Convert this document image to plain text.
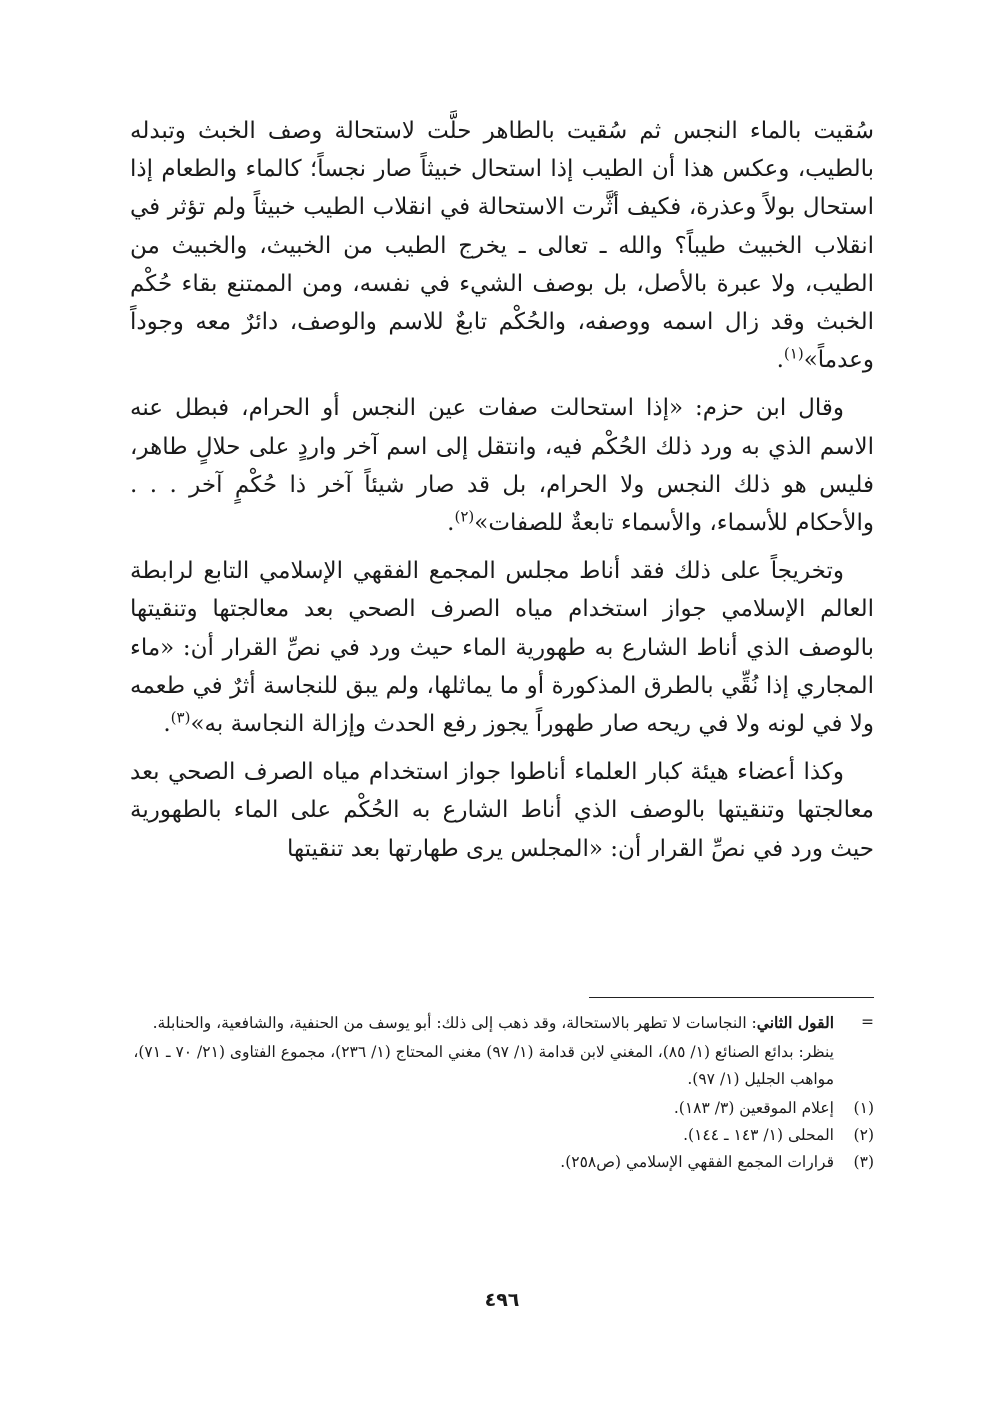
سُقيت بالماء النجس ثم سُقيت بالطاهر حلَّت لاستحالة وصف الخبث وتبدله بالطيب، وعكس هذا أن الطيب إذا استحال خبيثاً صار نجساً؛ كالماء والطعام إذا استحال بولاً وعذرة، فكيف أثَّرت الاستحالة في انقلاب الطيب خبيثاً ولم تؤثر في انقلاب الخبيث طيباً؟ والله ـ تعالى ـ يخرج الطيب من الخبيث، والخبيث من الطيب، ولا عبرة بالأصل، بل بوصف الشيء في نفسه، ومن الممتنع بقاء حُكْم الخبث وقد زال اسمه ووصفه، والحُكْم تابعٌ للاسم والوصف، دائرٌ معه وجوداً وعدماً»$^{(١)}$.

وقال ابن حزم: «إذا استحالت صفات عين النجس أو الحرام، فبطل عنه الاسم الذي به ورد ذلك الحُكْم فيه، وانتقل إلى اسم آخر واردٍ على حلالٍ طاهر، فليس هو ذلك النجس ولا الحرام، بل قد صار شيئاً آخر ذا حُكْمٍ آخر . . . والأحكام للأسماء، والأسماء تابعةٌ للصفات»$^{(٢)}$.

وتخريجاً على ذلك فقد أناط مجلس المجمع الفقهي الإسلامي التابع لرابطة العالم الإسلامي جواز استخدام مياه الصرف الصحي بعد معالجتها وتنقيتها بالوصف الذي أناط الشارع به طهورية الماء حيث ورد في نصِّ القرار أن: «ماء المجاري إذا نُقِّي بالطرق المذكورة أو ما يماثلها، ولم يبق للنجاسة أثرٌ في طعمه ولا في لونه ولا في ريحه صار طهوراً يجوز رفع الحدث وإزالة النجاسة به»$^{(٣)}$.

وكذا أعضاء هيئة كبار العلماء أناطوا جواز استخدام مياه الصرف الصحي بعد معالجتها وتنقيتها بالوصف الذي أناط الشارع به الحُكْم على الماء بالطهورية حيث ورد في نصِّ القرار أن: «المجلس يرى طهارتها بعد تنقيتها

=
القول الثاني: النجاسات لا تطهر بالاستحالة، وقد ذهب إلى ذلك: أبو يوسف من الحنفية، والشافعية، والحنابلة.
ينظر: بدائع الصنائع (١/ ٨٥)، المغني لابن قدامة (١/ ٩٧) مغني المحتاج (١/ ٢٣٦)، مجموع الفتاوى (٢١/ ٧٠ ـ ٧١)، مواهب الجليل (١/ ٩٧).
(١)
إعلام الموقعين (٣/ ١٨٣).
(٢)
المحلى (١/ ١٤٣ ـ ١٤٤).
(٣)
قرارات المجمع الفقهي الإسلامي (ص٢٥٨).
٤٩٦
